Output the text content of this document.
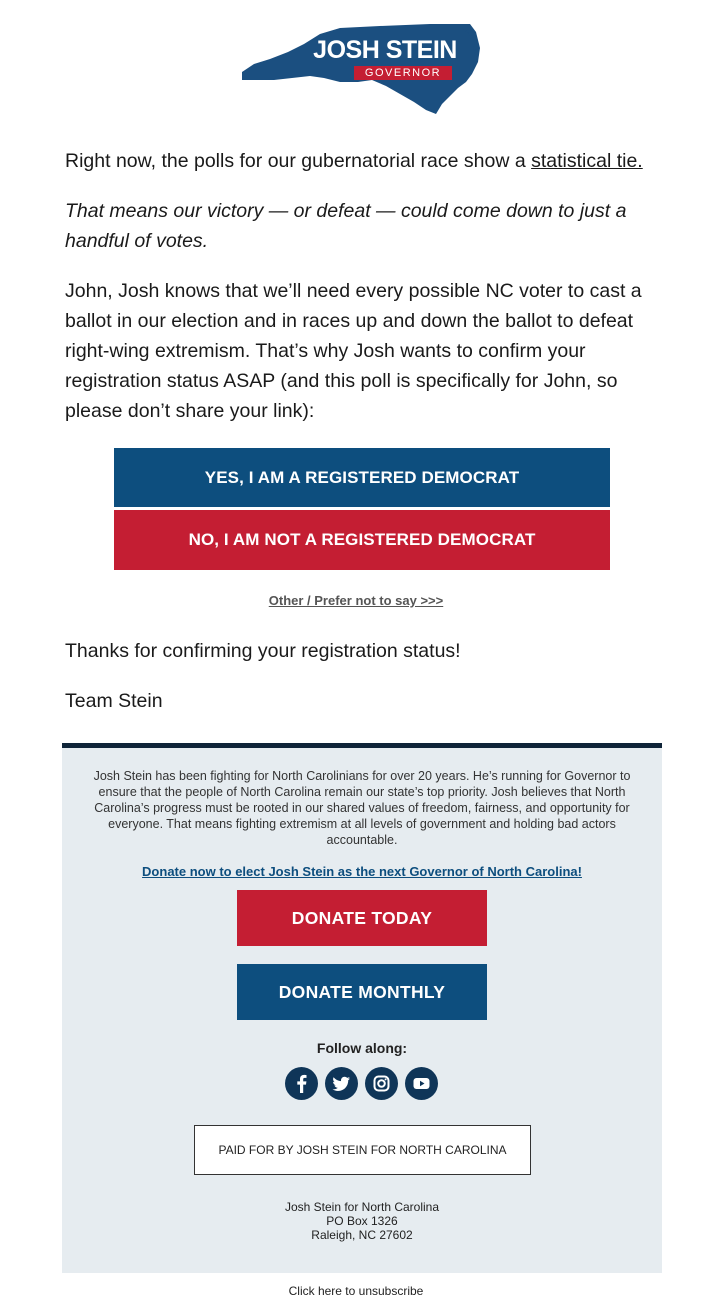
JOSH STEIN
GOVERNOR

Right now, the polls for our gubernatorial race show a statistical tie.

That means our victory — or defeat — could come down to just a handful of votes.

John, Josh knows that we’ll need every possible NC voter to cast a ballot in our election and in races up and down the ballot to defeat right-wing extremism. That’s why Josh wants to confirm your registration status ASAP (and this poll is specifically for John, so please don’t share your link):

YES, I AM A REGISTERED DEMOCRAT
NO, I AM NOT A REGISTERED DEMOCRAT
Other / Prefer not to say >>>

Thanks for confirming your registration status!

Team Stein

Josh Stein has been fighting for North Carolinians for over 20 years. He’s running for Governor to ensure that the people of North Carolina remain our state’s top priority. Josh believes that North Carolina’s progress must be rooted in our shared values of freedom, fairness, and opportunity for everyone. That means fighting extremism at all levels of government and holding bad actors accountable.
Donate now to elect Josh Stein as the next Governor of North Carolina!
DONATE TODAY
DONATE MONTHLY
Follow along:
PAID FOR BY JOSH STEIN FOR NORTH CAROLINA
Josh Stein for North Carolina
PO Box 1326
Raleigh, NC 27602
Click here to unsubscribe
